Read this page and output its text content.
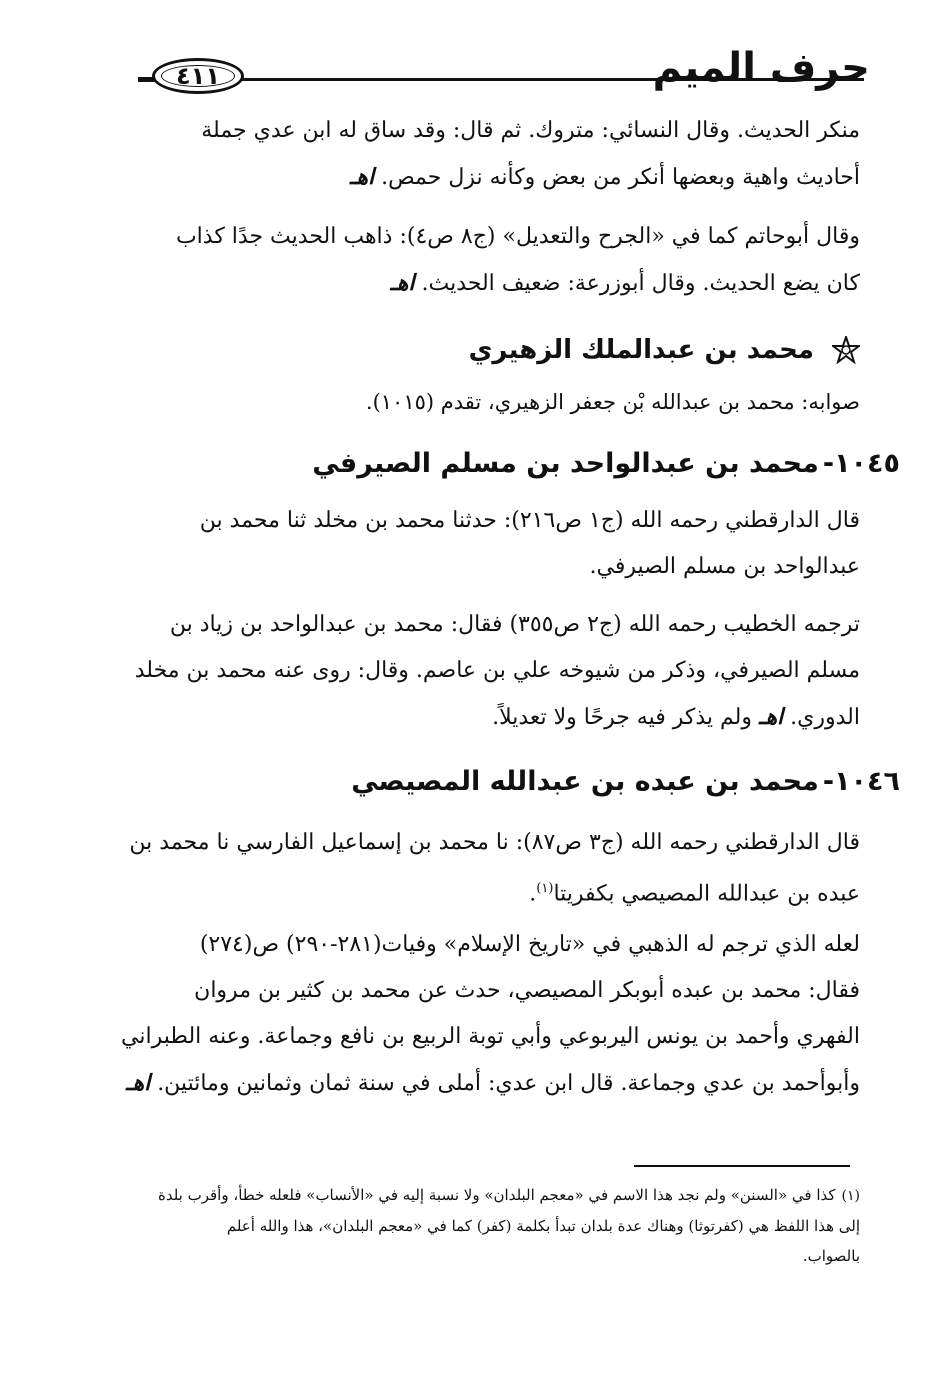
حرف الميم
٤١١
منكر الحديث. وقال النسائي: متروك. ثم قال: وقد ساق له ابن عدي جملة
أحاديث واهية وبعضها أنكر من بعض وكأنه نزل حمص. اهـ
وقال أبوحاتم كما في «الجرح والتعديل» (ج٨ ص٤): ذاهب الحديث جدًا كذاب
كان يضع الحديث. وقال أبوزرعة: ضعيف الحديث. اهـ
محمد بن عبدالملك الزهيري
صوابه: محمد بن عبدالله بْن جعفر الزهيري، تقدم (١٠١٥).
١٠٤٥-محمد بن عبدالواحد بن مسلم الصيرفي
قال الدارقطني رحمه الله (ج١ ص٢١٦): حدثنا محمد بن مخلد ثنا محمد بن
عبدالواحد بن مسلم الصيرفي.
ترجمه الخطيب رحمه الله (ج٢ ص٣٥٥) فقال: محمد بن عبدالواحد بن زياد بن
مسلم الصيرفي، وذكر من شيوخه علي بن عاصم. وقال: روى عنه محمد بن مخلد
الدوري. اهـ ولم يذكر فيه جرحًا ولا تعديلاً.
١٠٤٦-محمد بن عبده بن عبدالله المصيصي
قال الدارقطني رحمه الله (ج٣ ص٨٧): نا محمد بن إسماعيل الفارسي نا محمد بن
عبده بن عبدالله المصيصي بكفريتا$^{(١)}$.
لعله الذي ترجم له الذهبي في «تاريخ الإسلام» وفيات(٢٨١-٢٩٠) ص(٢٧٤)
فقال: محمد بن عبده أبوبكر المصيصي، حدث عن محمد بن كثير بن مروان
الفهري وأحمد بن يونس اليربوعي وأبي توبة الربيع بن نافع وجماعة. وعنه الطبراني
وأبوأحمد بن عدي وجماعة. قال ابن عدي: أملى في سنة ثمان وثمانين ومائتين. اهـ
(١)كذا في «السنن» ولم نجد هذا الاسم في «معجم البلدان» ولا نسبة إليه في «الأنساب» فلعله خطأ، وأقرب بلدة
إلى هذا اللفظ هي (كفرتوثا) وهناك عدة بلدان تبدأ بكلمة (كفر) كما في «معجم البلدان»، هذا والله أعلم
بالصواب.
